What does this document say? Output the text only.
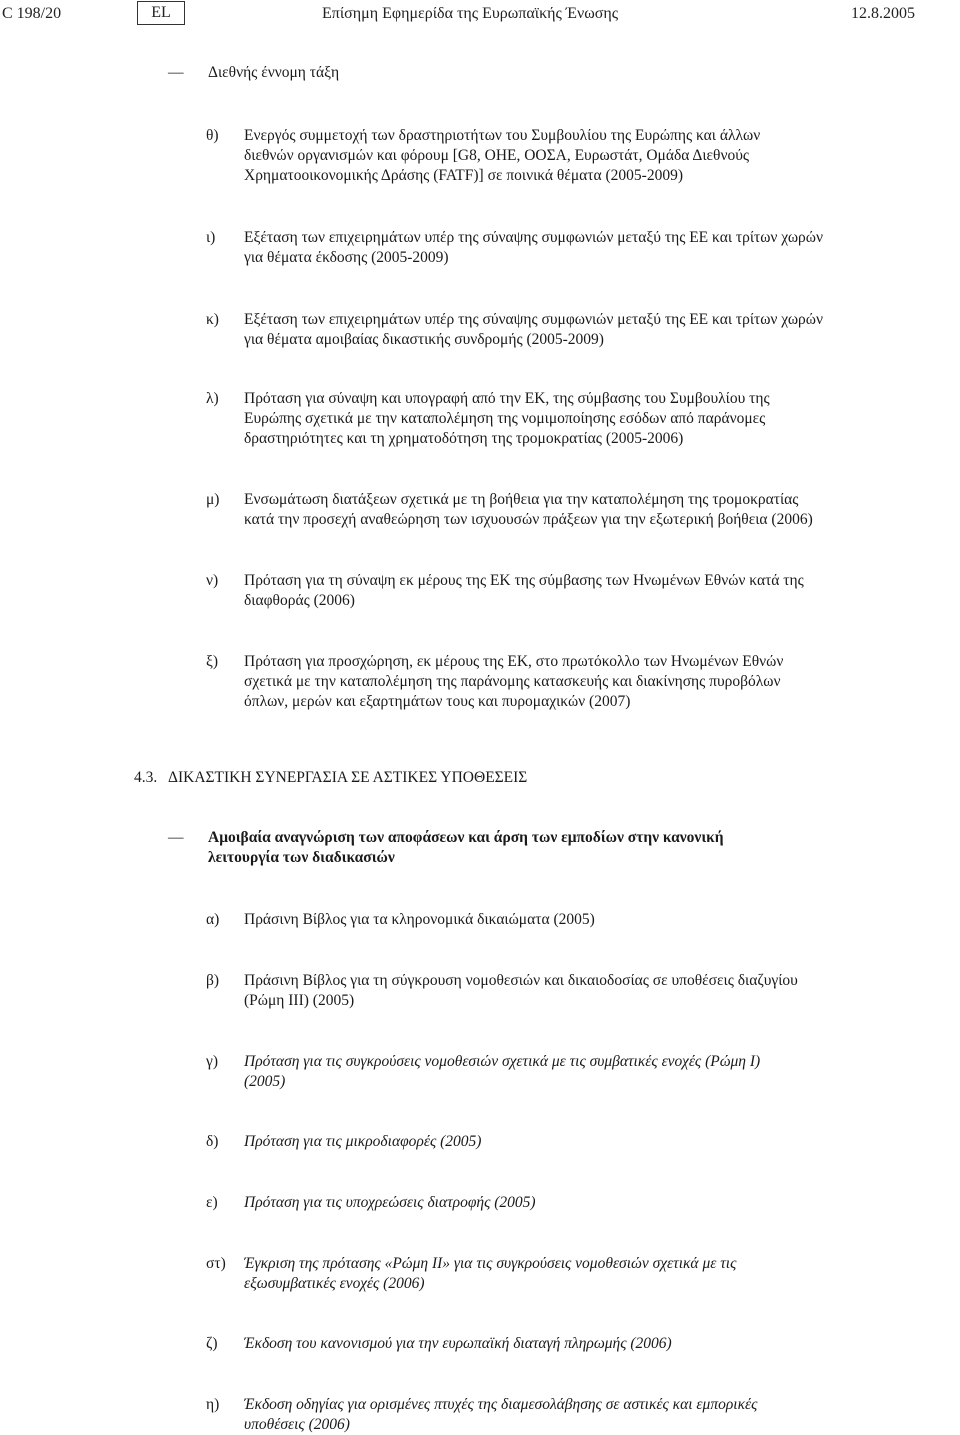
C 198/20	EL	Επίσημη Εφημερίδα της Ευρωπαϊκής Ένωσης	12.8.2005
— Διεθνής έννομη τάξη
θ) Ενεργός συμμετοχή των δραστηριοτήτων του Συμβουλίου της Ευρώπης και άλλων
διεθνών οργανισμών και φόρουμ [G8, ΟΗΕ, ΟΟΣΑ, Ευρωστάτ, Ομάδα Διεθνούς
Χρηματοοικονομικής Δράσης (FATF)] σε ποινικά θέματα (2005-2009)
ι) Εξέταση των επιχειρημάτων υπέρ της σύναψης συμφωνιών μεταξύ της ΕΕ και τρίτων χωρών
για θέματα έκδοσης (2005-2009)
κ) Εξέταση των επιχειρημάτων υπέρ της σύναψης συμφωνιών μεταξύ της ΕΕ και τρίτων χωρών
για θέματα αμοιβαίας δικαστικής συνδρομής (2005-2009)
λ) Πρόταση για σύναψη και υπογραφή από την ΕΚ, της σύμβασης του Συμβουλίου της
Ευρώπης σχετικά με την καταπολέμηση της νομιμοποίησης εσόδων από παράνομες
δραστηριότητες και τη χρηματοδότηση της τρομοκρατίας (2005-2006)
μ) Ενσωμάτωση διατάξεων σχετικά με τη βοήθεια για την καταπολέμηση της τρομοκρατίας
κατά την προσεχή αναθεώρηση των ισχυουσών πράξεων για την εξωτερική βοήθεια (2006)
ν) Πρόταση για τη σύναψη εκ μέρους της ΕΚ της σύμβασης των Ηνωμένων Εθνών κατά της
διαφθοράς (2006)
ξ) Πρόταση για προσχώρηση, εκ μέρους της ΕΚ, στο πρωτόκολλο των Ηνωμένων Εθνών
σχετικά με την καταπολέμηση της παράνομης κατασκευής και διακίνησης πυροβόλων
όπλων, μερών και εξαρτημάτων τους και πυρομαχικών (2007)
4.3. ΔΙΚΑΣΤΙΚΗ ΣΥΝΕΡΓΑΣΙΑ ΣΕ ΑΣΤΙΚΕΣ ΥΠΟΘΕΣΕΙΣ
— Αμοιβαία αναγνώριση των αποφάσεων και άρση των εμποδίων στην κανονική
λειτουργία των διαδικασιών
α) Πράσινη Βίβλος για τα κληρονομικά δικαιώματα (2005)
β) Πράσινη Βίβλος για τη σύγκρουση νομοθεσιών και δικαιοδοσίας σε υποθέσεις διαζυγίου
(Ρώμη ΙΙΙ) (2005)
γ) Πρόταση για τις συγκρούσεις νομοθεσιών σχετικά με τις συμβατικές ενοχές (Ρώμη Ι)
(2005)
δ) Πρόταση για τις μικροδιαφορές (2005)
ε) Πρόταση για τις υποχρεώσεις διατροφής (2005)
στ) Έγκριση της πρότασης «Ρώμη ΙΙ» για τις συγκρούσεις νομοθεσιών σχετικά με τις
εξωσυμβατικές ενοχές (2006)
ζ) Έκδοση του κανονισμού για την ευρωπαϊκή διαταγή πληρωμής (2006)
η) Έκδοση οδηγίας για ορισμένες πτυχές της διαμεσολάβησης σε αστικές και εμπορικές
υποθέσεις (2006)
